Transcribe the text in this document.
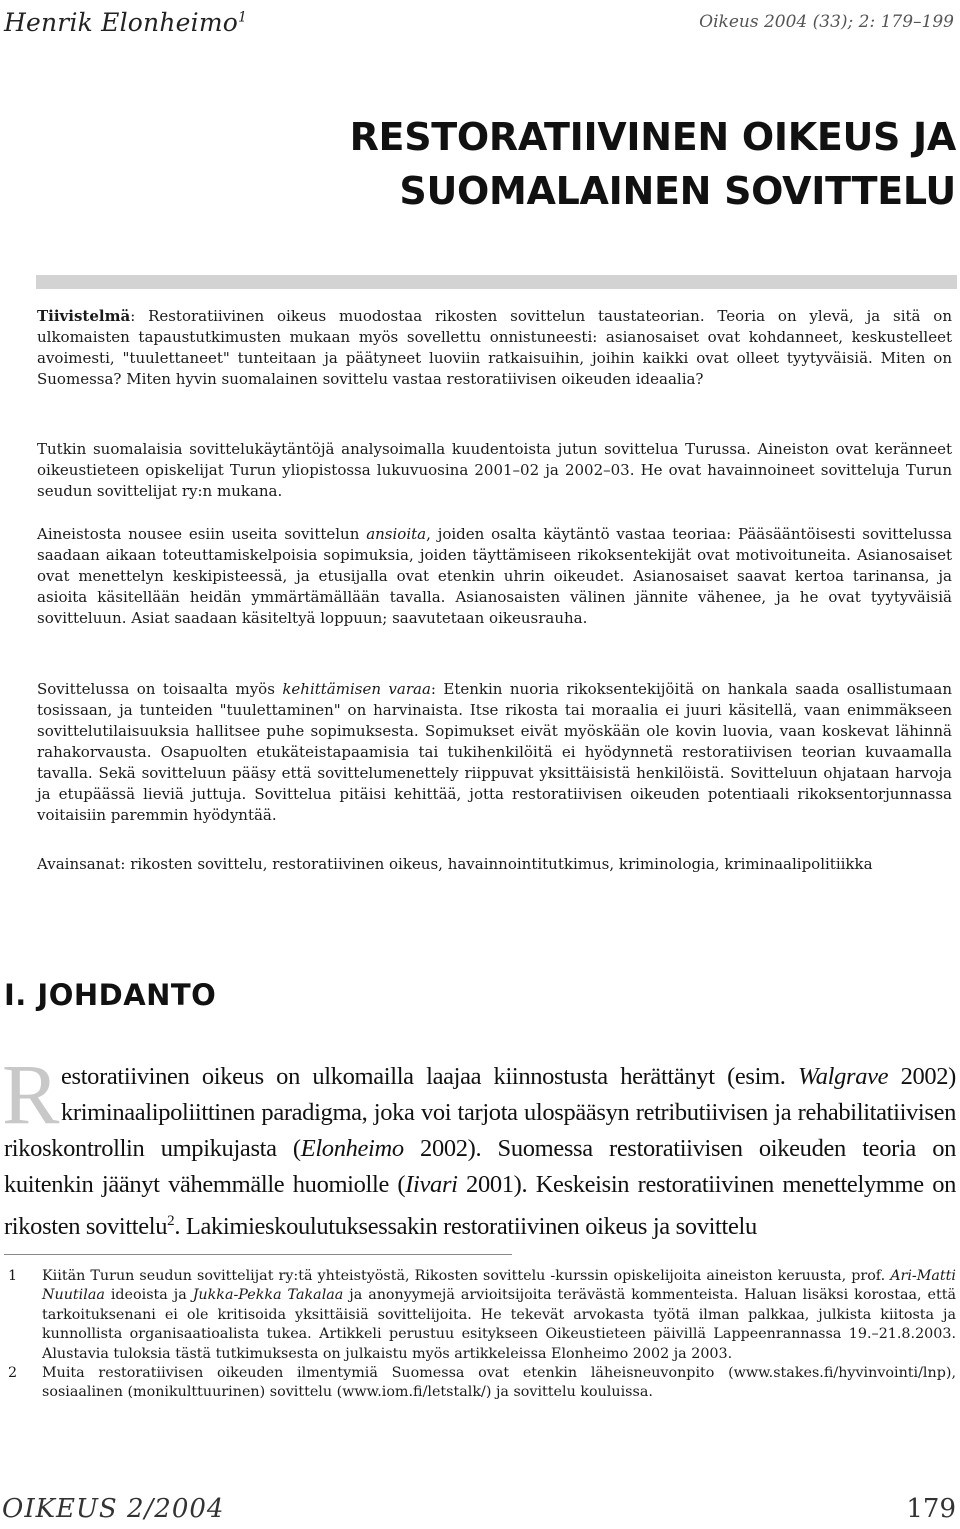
Henrik Elonheimo$^1$	Oikeus 2004 (33); 2: 179–199
RESTORATIIVINEN OIKEUS JA
SUOMALAINEN SOVITTELU

Tiivistelmä: Restoratiivinen oikeus muodostaa rikosten sovittelun taustateorian. Teoria on ylevä, ja sitä on ulkomaisten tapaustutkimusten mukaan myös sovellettu onnistuneesti: asianosaiset ovat kohdanneet, keskustelleet avoimesti, "tuulettaneet" tunteitaan ja päätyneet luoviin ratkaisuihin, joihin kaikki ovat olleet tyytyväisiä. Miten on Suomessa? Miten hyvin suomalainen sovittelu vastaa restoratiivisen oikeuden ideaalia?

Tutkin suomalaisia sovittelukäytäntöjä analysoimalla kuudentoista jutun sovittelua Turussa. Aineiston ovat keränneet oikeustieteen opiskelijat Turun yliopistossa lukuvuosina 2001–02 ja 2002–03. He ovat havainnoineet sovitteluja Turun seudun sovittelijat ry:n mukana.

Aineistosta nousee esiin useita sovittelun ansioita, joiden osalta käytäntö vastaa teoriaa: Pääsääntöisesti sovittelussa saadaan aikaan toteuttamiskelpoisia sopimuksia, joiden täyttämiseen rikoksentekijät ovat motivoituneita. Asianosaiset ovat menettelyn keskipisteessä, ja etusijalla ovat etenkin uhrin oikeudet. Asianosaiset saavat kertoa tarinansa, ja asioita käsitellään heidän ymmärtämällään tavalla. Asianosaisten välinen jännite vähenee, ja he ovat tyytyväisiä sovitteluun. Asiat saadaan käsiteltyä loppuun; saavutetaan oikeusrauha.

Sovittelussa on toisaalta myös kehittämisen varaa: Etenkin nuoria rikoksentekijöitä on hankala saada osallistumaan tosissaan, ja tunteiden "tuulettaminen" on harvinaista. Itse rikosta tai moraalia ei juuri käsitellä, vaan enimmäkseen sovittelutilaisuuksia hallitsee puhe sopimuksesta. Sopimukset eivät myöskään ole kovin luovia, vaan koskevat lähinnä rahakorvausta. Osapuolten etukäteistapaamisia tai tukihenkilöitä ei hyödynnetä restoratiivisen teorian kuvaamalla tavalla. Sekä sovitteluun pääsy että sovittelumenettely riippuvat yksittäisistä henkilöistä. Sovitteluun ohjataan harvoja ja etupäässä lieviä juttuja. Sovittelua pitäisi kehittää, jotta restoratiivisen oikeuden potentiaali rikoksentorjunnassa voitaisiin paremmin hyödyntää.

Avainsanat: rikosten sovittelu, restoratiivinen oikeus, havainnointitutkimus, kriminologia, kriminaalipolitiikka

I. JOHDANTO

Restoratiivinen oikeus on ulkomailla laajaa kiinnostusta herättänyt (esim. Walgrave 2002) kriminaalipoliittinen paradigma, joka voi tarjota ulospääsyn retributiivisen ja rehabilitatiivisen rikoskontrollin umpikujasta (Elonheimo 2002). Suomessa restoratiivisen oikeuden teoria on kuitenkin jäänyt vähemmälle huomiolle (Iivari 2001). Keskeisin restoratiivinen menettelymme on rikosten sovittelu$^2$. Lakimieskoulutuksessakin restoratiivinen oikeus ja sovittelu

1	Kiitän Turun seudun sovittelijat ry:tä yhteistyöstä, Rikosten sovittelu -kurssin opiskelijoita aineiston keruusta, prof. Ari-Matti Nuutilaa ideoista ja Jukka-Pekka Takalaa ja anonyymejä arvioitsijoita terävästä kommenteista. Haluan lisäksi korostaa, että tarkoituksenani ei ole kritisoida yksittäisiä sovittelijoita. He tekevät arvokasta työtä ilman palkkaa, julkista kiitosta ja kunnollista organisaatioalista tukea. Artikkeli perustuu esitykseen Oikeustieteen päivillä Lappeenrannassa 19.–21.8.2003. Alustavia tuloksia tästä tutkimuksesta on julkaistu myös artikkeleissa Elonheimo 2002 ja 2003.
2	Muita restoratiivisen oikeuden ilmentymiä Suomessa ovat etenkin läheisneuvonpito (www.stakes.fi/hyvinvointi/lnp), sosiaalinen (monikulttuurinen) sovittelu (www.iom.fi/letstalk/) ja sovittelu kouluissa.
OIKEUS 2/2004	179
